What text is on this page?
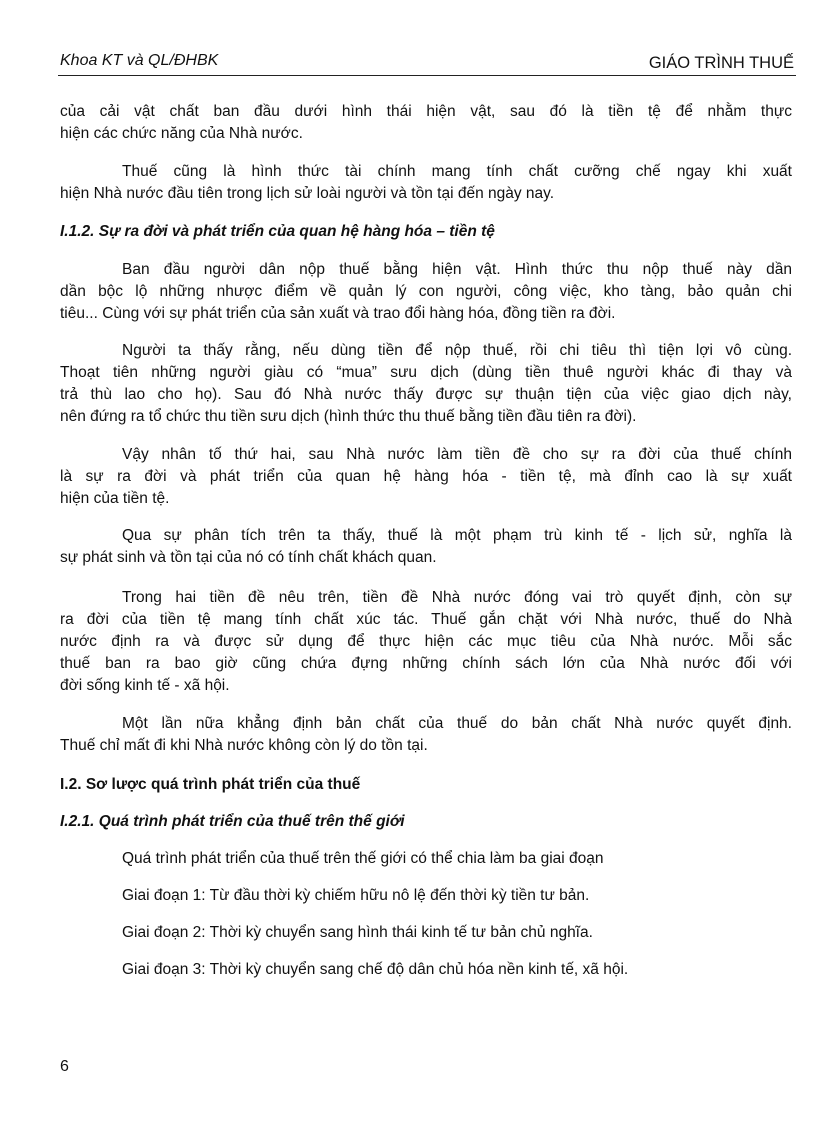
Khoa KT và QL/ĐHBK	GIÁO TRÌNH THUẾ
của cải vật chất ban đầu dưới hình thái hiện vật, sau đó là tiền tệ để nhằm thực
hiện các chức năng của Nhà nước.
Thuế cũng là hình thức tài chính mang tính chất cưỡng chế ngay khi xuất
hiện Nhà nước đầu tiên trong lịch sử loài người và tồn tại đến ngày nay.
I.1.2. Sự ra đời và phát triển của quan hệ hàng hóa – tiền tệ
Ban đầu người dân nộp thuế bằng hiện vật. Hình thức thu nộp thuế này dần
dần bộc lộ những nhược điểm về quản lý con người, công việc, kho tàng, bảo quản chi
tiêu... Cùng với sự phát triển của sản xuất và trao đổi hàng hóa, đồng tiền ra đời.
Người ta thấy rằng, nếu dùng tiền để nộp thuế, rồi chi tiêu thì tiện lợi vô cùng.
Thoạt tiên những người giàu có “mua” sưu dịch (dùng tiền thuê người khác đi thay và
trả thù lao cho họ). Sau đó Nhà nước thấy được sự thuận tiện của việc giao dịch này,
nên đứng ra tổ chức thu tiền sưu dịch (hình thức thu thuế bằng tiền đầu tiên ra đời).
Vậy nhân tố thứ hai, sau Nhà nước làm tiền đề cho sự ra đời của thuế chính
là sự ra đời và phát triển của quan hệ hàng hóa - tiền tệ, mà đỉnh cao là sự xuất
hiện của tiền tệ.
Qua sự phân tích trên ta thấy, thuế là một phạm trù kinh tế - lịch sử, nghĩa là
sự phát sinh và tồn tại của nó có tính chất khách quan.
Trong hai tiền đề nêu trên, tiền đề Nhà nước đóng vai trò quyết định, còn sự
ra đời của tiền tệ mang tính chất xúc tác. Thuế gắn chặt với Nhà nước, thuế do Nhà
nước định ra và được sử dụng để thực hiện các mục tiêu của Nhà nước. Mỗi sắc
thuế ban ra bao giờ cũng chứa đựng những chính sách lớn của Nhà nước đối với
đời sống kinh tế - xã hội.
Một lần nữa khẳng định bản chất của thuế do bản chất Nhà nước quyết định.
Thuế chỉ mất đi khi Nhà nước không còn lý do tồn tại.
I.2. Sơ lược quá trình phát triển của thuế
I.2.1. Quá trình phát triển của thuế trên thế giới
Quá trình phát triển của thuế trên thế giới có thể chia làm ba giai đoạn
Giai đoạn 1: Từ đầu thời kỳ chiếm hữu nô lệ đến thời kỳ tiền tư bản.
Giai đoạn 2: Thời kỳ chuyển sang hình thái kinh tế tư bản chủ nghĩa.
Giai đoạn 3: Thời kỳ chuyển sang chế độ dân chủ hóa nền kinh tế, xã hội.
6
